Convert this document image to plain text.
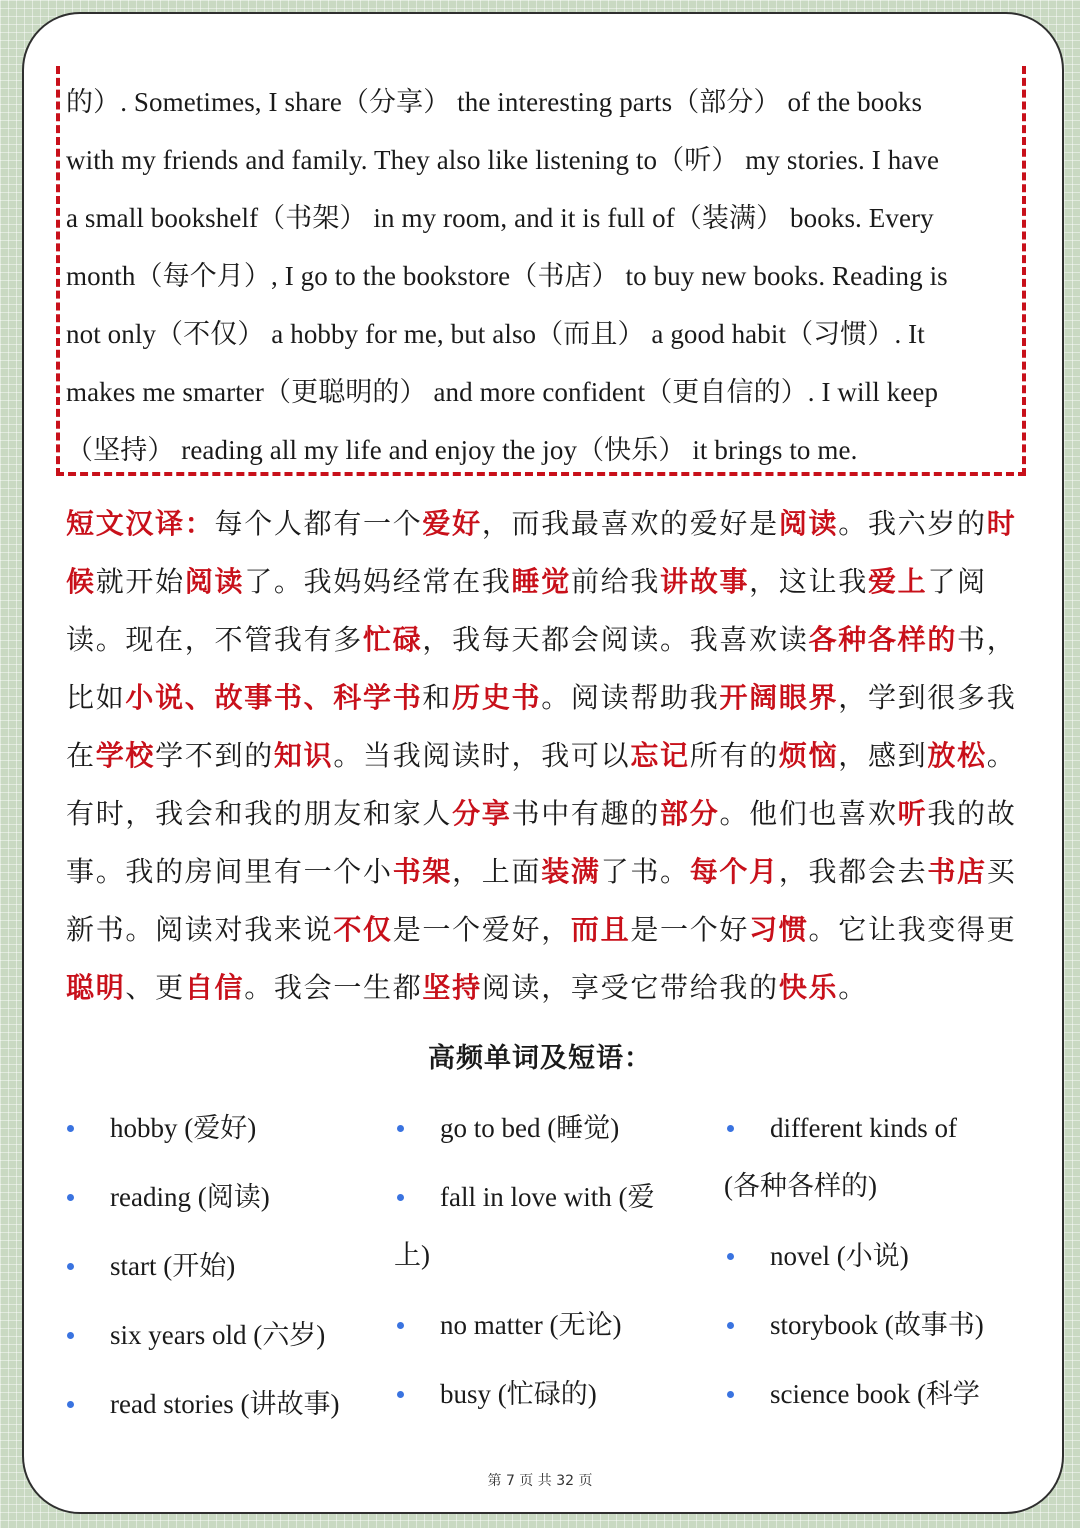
的）. Sometimes, I share（分享） the interesting parts（部分） of the books
with my friends and family. They also like listening to（听） my stories. I have
a small bookshelf（书架） in my room, and it is full of（装满） books. Every
month（每个月）, I go to the bookstore（书店） to buy new books. Reading is
not only（不仅） a hobby for me, but also（而且） a good habit（习惯）. It
makes me smarter（更聪明的） and more confident（更自信的）. I will keep
（坚持） reading all my life and enjoy the joy（快乐） it brings to me.
短文汉译：每个人都有一个爱好，而我最喜欢的爱好是阅读。我六岁的时
候就开始阅读了。我妈妈经常在我睡觉前给我讲故事，这让我爱上了阅
读。现在，不管我有多忙碌，我每天都会阅读。我喜欢读各种各样的书，
比如小说、故事书、科学书和历史书。阅读帮助我开阔眼界，学到很多我
在学校学不到的知识。当我阅读时，我可以忘记所有的烦恼，感到放松。
有时，我会和我的朋友和家人分享书中有趣的部分。他们也喜欢听我的故
事。我的房间里有一个小书架，上面装满了书。每个月，我都会去书店买
新书。阅读对我来说不仅是一个爱好，而且是一个好习惯。它让我变得更
聪明、更自信。我会一生都坚持阅读，享受它带给我的快乐。
高频单词及短语：
hobby (爱好)
reading (阅读)
start (开始)
six years old (六岁)
read stories (讲故事)
go to bed (睡觉)
fall in love with (爱
上)
no matter (无论)
busy (忙碌的)
different kinds of
(各种各样的)
novel (小说)
storybook (故事书)
science book (科学
第 7 页 共 32 页
